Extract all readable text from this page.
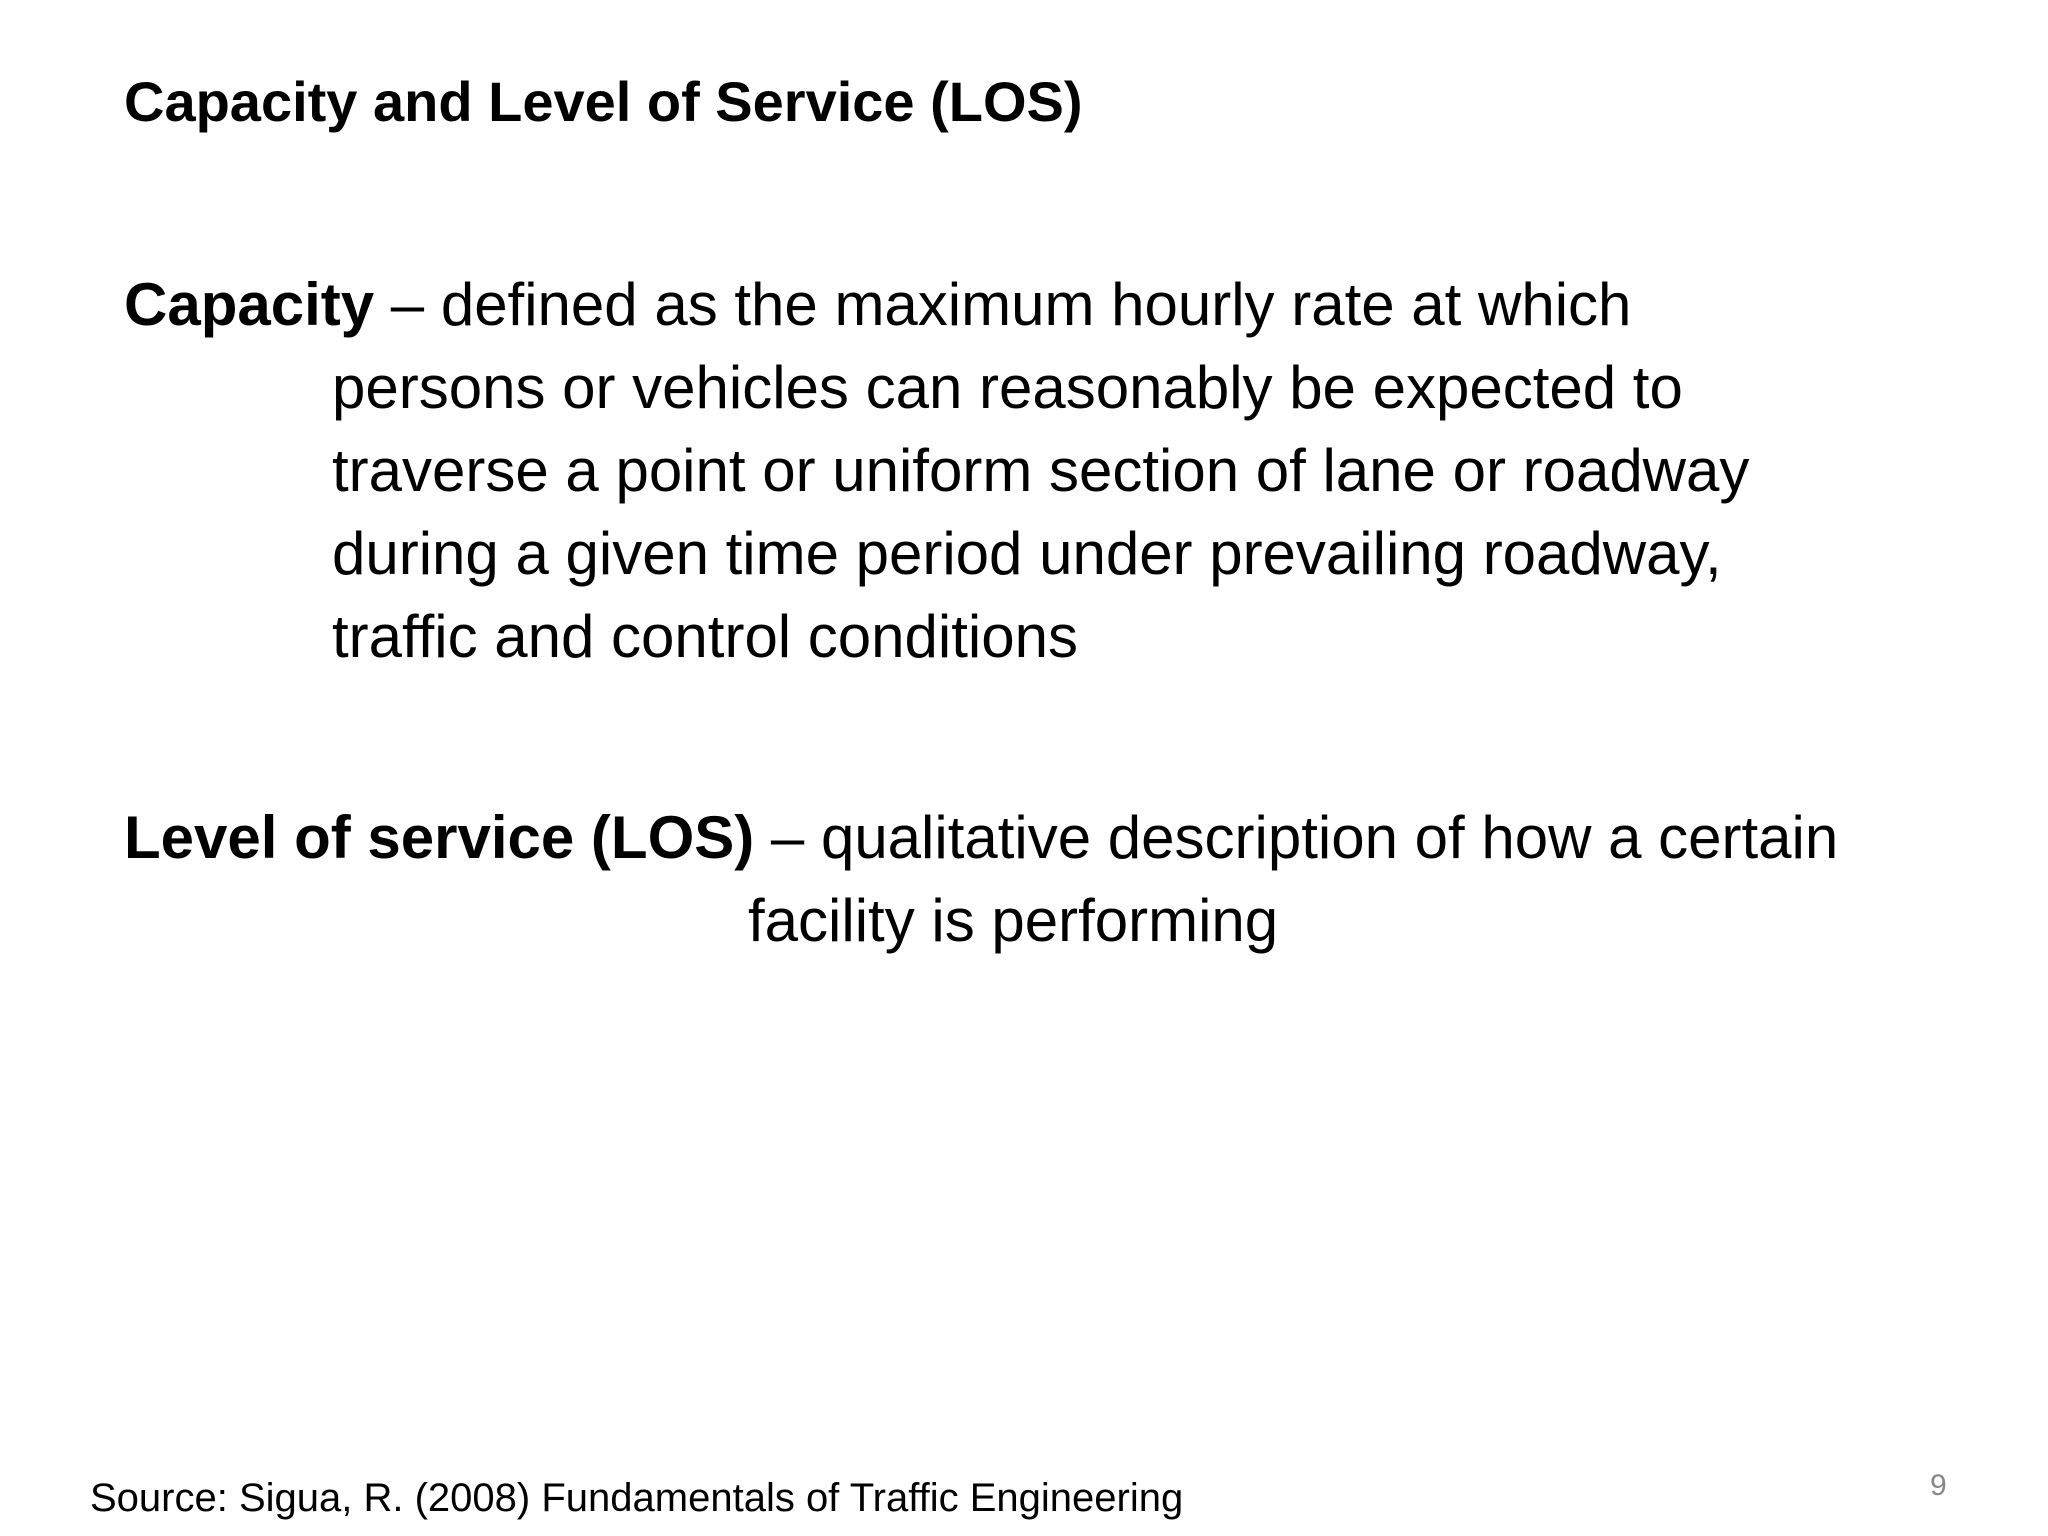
Capacity and Level of Service (LOS)
Capacity – defined as the maximum hourly rate at which
persons or vehicles can reasonably be expected to
traverse a point or uniform section of lane or roadway
during a given time period under prevailing roadway,
traffic and control conditions
Level of service (LOS) – qualitative description of how a certain
facility is performing
Source: Sigua, R. (2008) Fundamentals of Traffic Engineering	9
